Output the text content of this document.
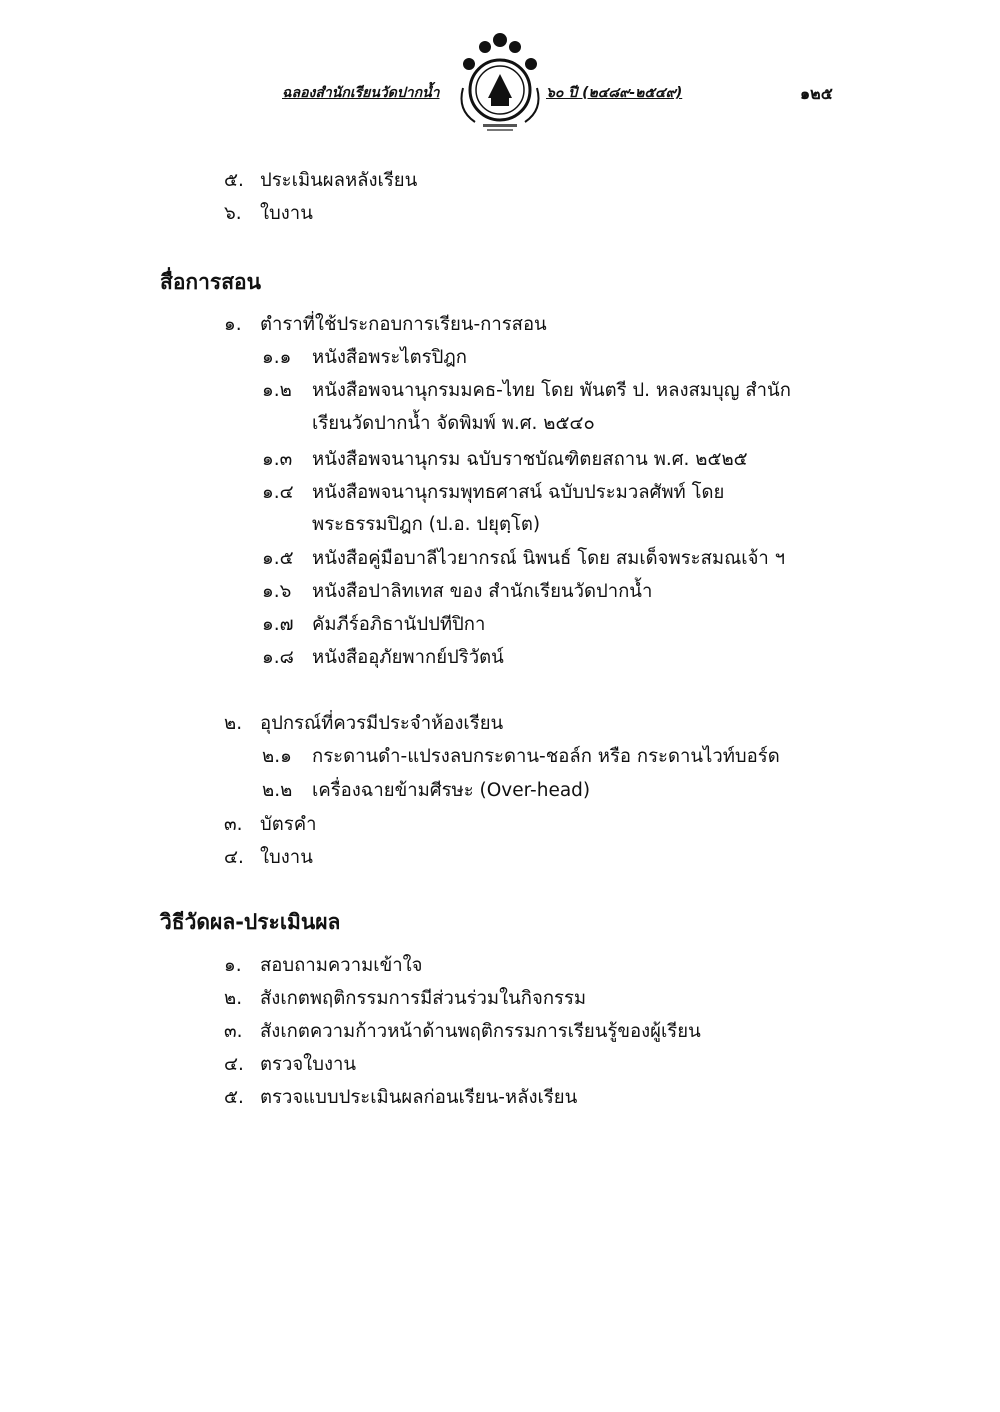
ฉลองสำนักเรียนวัดปากน้ำ	๖๐ ปี (๒๔๘๙-๒๕๔๙)	๑๒๕
๕. ประเมินผลหลังเรียน
๖. ใบงาน
สื่อการสอน
๑. ตำราที่ใช้ประกอบการเรียน-การสอน
๑.๑ หนังสือพระไตรปิฎก
๑.๒ หนังสือพจนานุกรมมคธ-ไทย โดย พันตรี ป. หลงสมบุญ สำนัก
เรียนวัดปากน้ำ จัดพิมพ์ พ.ศ. ๒๕๔๐
๑.๓ หนังสือพจนานุกรม ฉบับราชบัณฑิตยสถาน พ.ศ. ๒๕๒๕
๑.๔ หนังสือพจนานุกรมพุทธศาสน์ ฉบับประมวลศัพท์ โดย
พระธรรมปิฎก (ป.อ. ปยุตฺโต)
๑.๕ หนังสือคู่มือบาลีไวยากรณ์ นิพนธ์ โดย สมเด็จพระสมณเจ้า ฯ
๑.๖ หนังสือปาลิทเทส ของ สำนักเรียนวัดปากน้ำ
๑.๗ คัมภีร์อภิธานัปปทีปิกา
๑.๘ หนังสืออุภัยพากย์ปริวัตน์
๒. อุปกรณ์ที่ควรมีประจำห้องเรียน
๒.๑ กระดานดำ-แปรงลบกระดาน-ชอล์ก หรือ กระดานไวท์บอร์ด
๒.๒ เครื่องฉายข้ามศีรษะ (Over-head)
๓. บัตรคำ
๔. ใบงาน
วิธีวัดผล-ประเมินผล
๑. สอบถามความเข้าใจ
๒. สังเกตพฤติกรรมการมีส่วนร่วมในกิจกรรม
๓. สังเกตความก้าวหน้าด้านพฤติกรรมการเรียนรู้ของผู้เรียน
๔. ตรวจใบงาน
๕. ตรวจแบบประเมินผลก่อนเรียน-หลังเรียน
